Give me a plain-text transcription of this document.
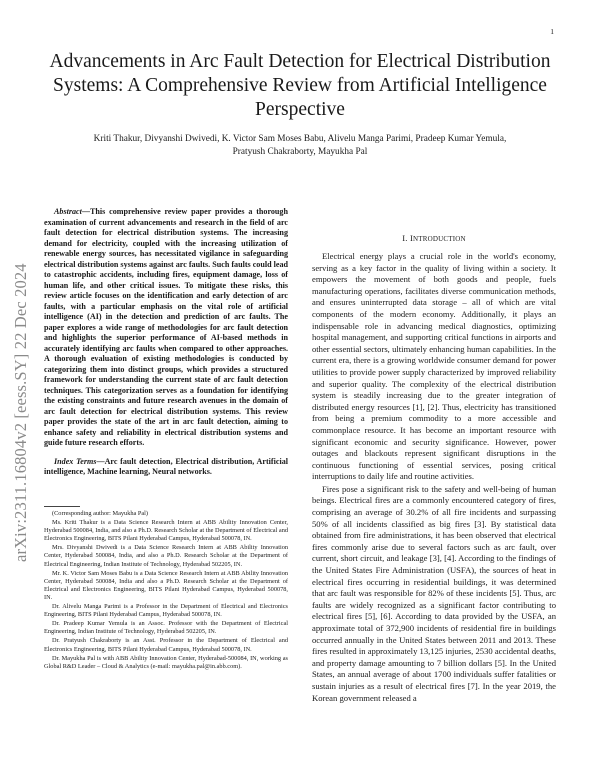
1
arXiv:2311.16804v2 [eess.SY] 22 Dec 2024
Advancements in Arc Fault Detection for Electrical Distribution Systems: A Comprehensive Review from Artificial Intelligence Perspective
Kriti Thakur, Divyanshi Dwivedi, K. Victor Sam Moses Babu, Alivelu Manga Parimi, Pradeep Kumar Yemula,
Pratyush Chakraborty, Mayukha Pal

Abstract—This comprehensive review paper provides a thorough examination of current advancements and research in the field of arc fault detection for electrical distribution systems. The increasing demand for electricity, coupled with the increasing utilization of renewable energy sources, has necessitated vigilance in safeguarding electrical distribution systems against arc faults. Such faults could lead to catastrophic accidents, including fires, equipment damage, loss of human life, and other critical issues. To mitigate these risks, this review article focuses on the identification and early detection of arc faults, with a particular emphasis on the vital role of artificial intelligence (AI) in the detection and prediction of arc faults. The paper explores a wide range of methodologies for arc fault detection and highlights the superior performance of AI-based methods in accurately identifying arc faults when compared to other approaches. A thorough evaluation of existing methodologies is conducted by categorizing them into distinct groups, which provides a structured framework for understanding the current state of arc fault detection techniques. This categorization serves as a foundation for identifying the existing constraints and future research avenues in the domain of arc fault detection for electrical distribution systems. This review paper provides the state of the art in arc fault detection, aiming to enhance safety and reliability in electrical distribution systems and guide future research efforts.

Index Terms—Arc fault detection, Electrical distribution, Artificial intelligence, Machine learning, Neural networks.

(Corresponding author: Mayukha Pal)

Ms. Kriti Thakur is a Data Science Research Intern at ABB Ability Innovation Center, Hyderabad 500084, India, and also a Ph.D. Research Scholar at the Department of Electrical and Electronics Engineering, BITS Pilani Hyderabad Campus, Hyderabad 500078, IN.

Mrs. Divyanshi Dwivedi is a Data Science Research Intern at ABB Ability Innovation Center, Hyderabad 500084, India, and also a Ph.D. Research Scholar at the Department of Electrical Engineering, Indian Institute of Technology, Hyderabad 502205, IN.

Mr. K. Victor Sam Moses Babu is a Data Science Research Intern at ABB Ability Innovation Center, Hyderabad 500084, India and also a Ph.D. Research Scholar at the Department of Electrical and Electronics Engineering, BITS Pilani Hyderabad Campus, Hyderabad 500078, IN.

Dr. Alivelu Manga Parimi is a Professor in the Department of Electrical and Electronics Engineering, BITS Pilani Hyderabad Campus, Hyderabad 500078, IN.

Dr. Pradeep Kumar Yemula is an Assoc. Professor with the Department of Electrical Engineering, Indian Institute of Technology, Hyderabad 502205, IN.

Dr. Pratyush Chakraborty is an Asst. Professor in the Department of Electrical and Electronics Engineering, BITS Pilani Hyderabad Campus, Hyderabad 500078, IN.

Dr. Mayukha Pal is with ABB Ability Innovation Center, Hyderabad-500084, IN, working as Global R&D Leader – Cloud & Analytics (e-mail: mayukha.pal@in.abb.com).

I. INTRODUCTION

Electrical energy plays a crucial role in the world's economy, serving as a key factor in the quality of living within a society. It empowers the movement of both goods and people, fuels manufacturing operations, facilitates diverse communication methods, and ensures uninterrupted data storage – all of which are vital components of the modern economy. Additionally, it plays an indispensable role in advancing medical diagnostics, optimizing hospital management, and supporting critical functions in airports and other essential sectors, ultimately enhancing human capabilities. In the current era, there is a growing worldwide consumer demand for power utilities to provide power supply characterized by improved reliability and superior quality. The complexity of the electrical distribution system is steadily increasing due to the greater integration of distributed energy resources [1], [2]. Thus, electricity has transitioned from being a premium commodity to a more accessible and commonplace resource. It has become an important resource with significant economic and security significance. However, power outages and blackouts represent significant disruptions in the continuous functioning of essential services, posing critical interruptions to daily life and routine activities.

Fires pose a significant risk to the safety and well-being of human beings. Electrical fires are a commonly encountered category of fires, comprising an average of 30.2% of all fire incidents and surpassing 50% of all incidents classified as big fires [3]. By statistical data obtained from fire administrations, it has been observed that electrical fires commonly arise due to several factors such as arc fault, over current, short circuit, and leakage [3], [4]. According to the findings of the United States Fire Administration (USFA), the sources of heat in electrical fires occurring in residential buildings, it was determined that arc fault was responsible for 82% of these incidents [5]. Thus, arc faults are widely recognized as a significant factor contributing to electrical fires [5], [6]. According to data provided by the USFA, an approximate total of 372,900 incidents of residential fire in buildings occurred annually in the United States between 2011 and 2013. These fires resulted in approximately 13,125 injuries, 2530 accidental deaths, and property damage amounting to 7 billion dollars [5]. In the United States, an annual average of about 1700 individuals suffer fatalities or sustain injuries as a result of electrical fires [7]. In the year 2019, the Korean government released a
